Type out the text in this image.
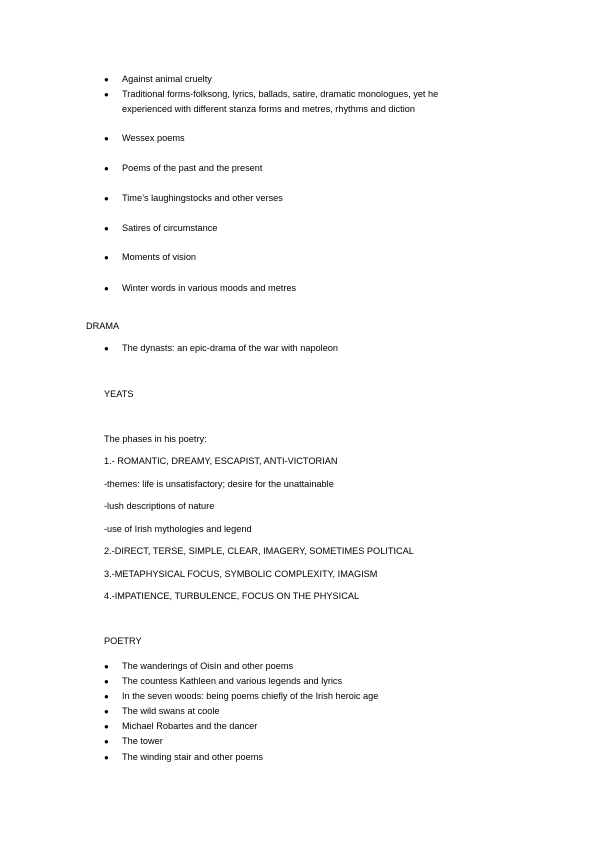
● Against animal cruelty
● Traditional forms-folksong, lyrics, ballads, satire, dramatic monologues, yet he
experienced with different stanza forms and metres, rhythms and diction
● Wessex poems
● Poems of the past and the present
● Time’s laughingstocks and other verses
● Satires of circumstance
● Moments of vision
● Winter words in various moods and metres
DRAMA
● The dynasts: an epic-drama of the war with napoleon
YEATS
The phases in his poetry:
1.- ROMANTIC, DREAMY, ESCAPIST, ANTI-VICTORIAN
-themes: life is unsatisfactory; desire for the unattainable
-lush descriptions of nature
-use of Irish mythologies and legend
2.-DIRECT, TERSE, SIMPLE, CLEAR, IMAGERY, SOMETIMES POLITICAL
3.-METAPHYSICAL FOCUS, SYMBOLIC COMPLEXITY, IMAGISM
4.-IMPATIENCE, TURBULENCE, FOCUS ON THE PHYSICAL
POETRY
● The wanderings of Oisín and other poems
● The countess Kathleen and various legends and lyrics
● In the seven woods: being poems chiefly of the Irish heroic age
● The wild swans at coole
● Michael Robartes and the dancer
● The tower
● The winding stair and other poems
